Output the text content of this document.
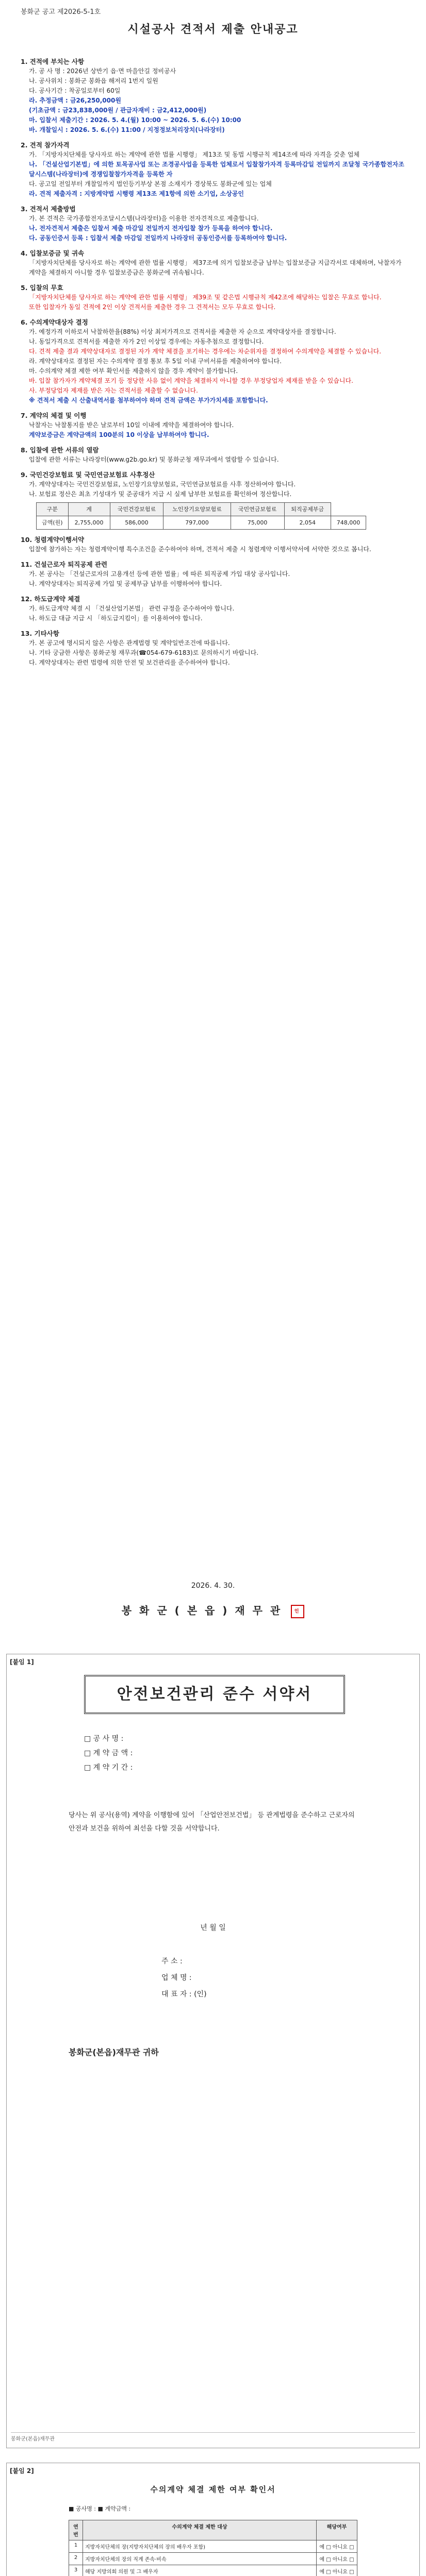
봉화군 공고 제2026-5-1호
시설공사 견적서 제출 안내공고
1. 견적에 부치는 사항
가. 공 사 명 : 2026년 상반기 읍·면 마을안길 정비공사
나. 공사위치 : 봉화군 봉화읍 해저리 1번지 일원
다. 공사기간 : 착공일로부터 60일
라. 추정금액 : 금26,250,000원
(기초금액 : 금23,838,000원 / 관급자재비 : 금2,412,000원)
마. 입찰서 제출기간 : 2026. 5. 4.(월) 10:00 ~ 2026. 5. 6.(수) 10:00
바. 개찰일시 : 2026. 5. 6.(수) 11:00 / 지정정보처리장치(나라장터)
2. 견적 참가자격
가. 「지방자치단체를 당사자로 하는 계약에 관한 법률 시행령」 제13조 및 동법 시행규칙 제14조에 따라 자격을 갖춘 업체
나. 「건설산업기본법」에 의한 토목공사업 또는 조경공사업을 등록한 업체로서 입찰참가자격 등록마감일 전일까지 조달청 국가종합전자조달시스템(나라장터)에 경쟁입찰참가자격을 등록한 자
다. 공고일 전일부터 개찰일까지 법인등기부상 본점 소재지가 경상북도 봉화군에 있는 업체
라. 견적 제출자격 : 지방계약법 시행령 제13조 제1항에 의한 소기업, 소상공인
3. 견적서 제출방법
가. 본 견적은 국가종합전자조달시스템(나라장터)을 이용한 전자견적으로 제출합니다.
나. 전자견적서 제출은 입찰서 제출 마감일 전일까지 전자입찰 참가 등록을 하여야 합니다.
다. 공동인증서 등록 : 입찰서 제출 마감일 전일까지 나라장터 공동인증서를 등록하여야 합니다.
4. 입찰보증금 및 귀속
「지방자치단체를 당사자로 하는 계약에 관한 법률 시행령」 제37조에 의거 입찰보증금 납부는 입찰보증금 지급각서로 대체하며, 낙찰자가 계약을 체결하지 아니할 경우 입찰보증금은 봉화군에 귀속됩니다.
5. 입찰의 무효
「지방자치단체를 당사자로 하는 계약에 관한 법률 시행령」 제39조 및 같은법 시행규칙 제42조에 해당하는 입찰은 무효로 합니다.
또한 입찰자가 동일 견적에 2인 이상 견적서를 제출한 경우 그 견적서는 모두 무효로 합니다.
6. 수의계약대상자 결정
가. 예정가격 이하로서 낙찰하한율(88%) 이상 최저가격으로 견적서를 제출한 자 순으로 계약대상자를 결정합니다.
나. 동일가격으로 견적서를 제출한 자가 2인 이상일 경우에는 자동추첨으로 결정합니다.
다. 견적 제출 결과 계약상대자로 결정된 자가 계약 체결을 포기하는 경우에는 차순위자를 결정하여 수의계약을 체결할 수 있습니다.
라. 계약상대자로 결정된 자는 수의계약 결정 통보 후 5일 이내 구비서류를 제출하여야 합니다.
마. 수의계약 체결 제한 여부 확인서를 제출하지 않을 경우 계약이 불가합니다.
바. 입찰 참가자가 계약체결 포기 등 정당한 사유 없이 계약을 체결하지 아니할 경우 부정당업자 제재를 받을 수 있습니다.
사. 부정당업자 제재를 받은 자는 견적서를 제출할 수 없습니다.
※ 견적서 제출 시 산출내역서를 첨부하여야 하며 견적 금액은 부가가치세를 포함합니다.
7. 계약의 체결 및 이행
낙찰자는 낙찰통지를 받은 날로부터 10일 이내에 계약을 체결하여야 합니다.
계약보증금은 계약금액의 100분의 10 이상을 납부하여야 합니다.
8. 입찰에 관한 서류의 열람
입찰에 관한 서류는 나라장터(www.g2b.go.kr) 및 봉화군청 재무과에서 열람할 수 있습니다.
9. 국민건강보험료 및 국민연금보험료 사후정산
가. 계약상대자는 국민건강보험료, 노인장기요양보험료, 국민연금보험료를 사후 정산하여야 합니다.
나. 보험료 정산은 최초 기성대가 및 준공대가 지급 시 실제 납부한 보험료를 확인하여 정산합니다.
구분	계	국민건강보험료	노인장기요양보험료	국민연금보험료	퇴직공제부금	
금액(원)	2,755,000	586,000	797,000	75,000	2,054	748,000
10. 청렴계약이행서약
입찰에 참가하는 자는 청렴계약이행 특수조건을 준수하여야 하며, 견적서 제출 시 청렴계약 이행서약서에 서약한 것으로 봅니다.
11. 건설근로자 퇴직공제 관련
가. 본 공사는 「건설근로자의 고용개선 등에 관한 법률」에 따른 퇴직공제 가입 대상 공사입니다.
나. 계약상대자는 퇴직공제 가입 및 공제부금 납부를 이행하여야 합니다.
12. 하도급계약 체결
가. 하도급계약 체결 시 「건설산업기본법」 관련 규정을 준수하여야 합니다.
나. 하도급 대금 지급 시 「하도급지킴이」를 이용하여야 합니다.
13. 기타사항
가. 본 공고에 명시되지 않은 사항은 관계법령 및 계약일반조건에 따릅니다.
나. 기타 궁금한 사항은 봉화군청 재무과(☎054-679-6183)로 문의하시기 바랍니다.
다. 계약상대자는 관련 법령에 의한 안전 및 보건관리를 준수하여야 합니다.
2026. 4. 30.
봉 화 군 ( 본 읍 ) 재 무 관	인
[붙임 1]
안전보건관리 준수 서약서
□ 공 사 명 :
□ 계 약 금 액 :
□ 계 약 기 간 :
당사는 위 공사(용역) 계약을 이행함에 있어 「산업안전보건법」 등 관계법령을 준수하고 근로자의 안전과 보건을 위하여 최선을 다할 것을 서약합니다.
년 월 일
주 소 :
업 체 명 :
대 표 자 : (인)
봉화군(본읍)재무관 귀하
봉화군(본읍)재무관
[붙임 2]
수의계약 체결 제한 여부 확인서
■ 공사명 : ■ 계약금액 :
연번	수의계약 체결 제한 대상	해당여부
1	지방자치단체의 장(지방자치단체의 장의 배우자 포함)	예 □ 아니요 □
2	지방자치단체의 장의 직계 존속·비속	예 □ 아니요 □
3	해당 지방의회 의원 및 그 배우자	예 □ 아니요 □
